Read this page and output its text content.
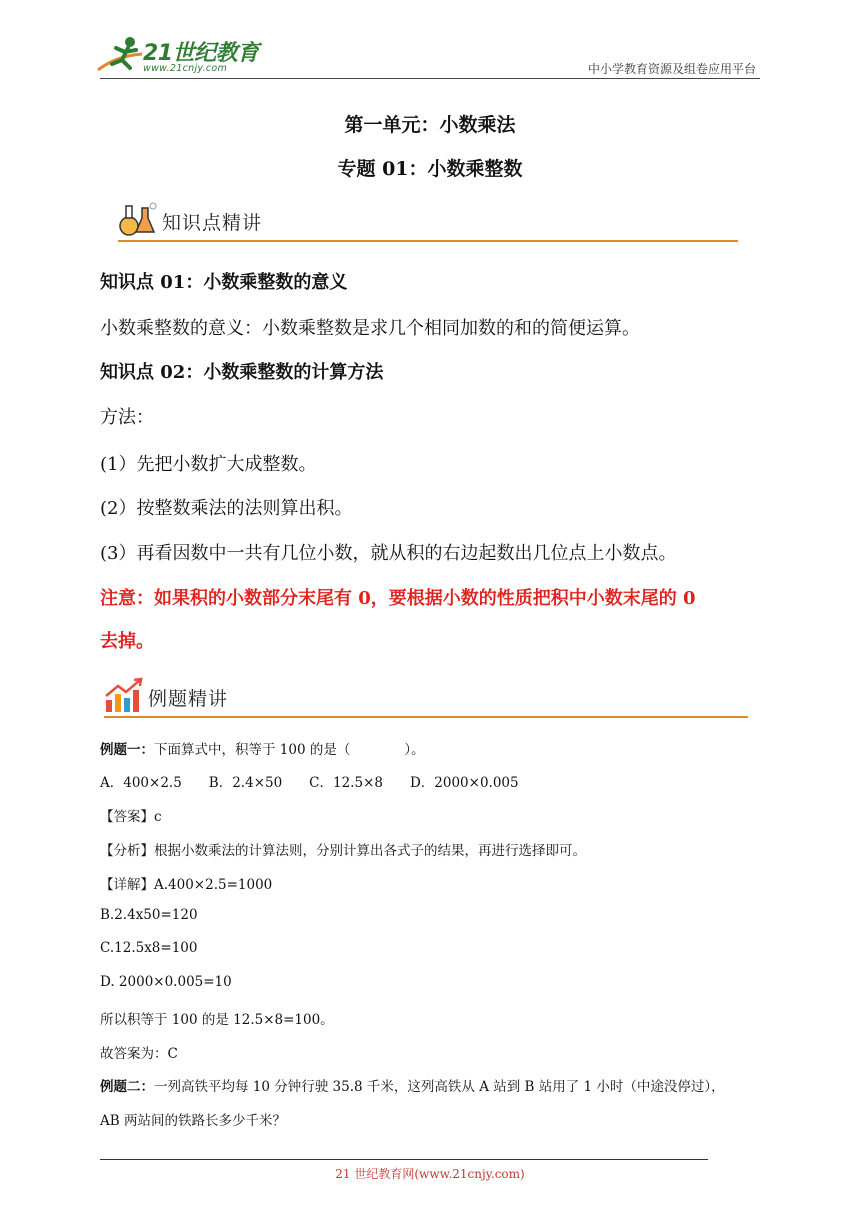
21世纪教育
www.21cnjy.com	中小学教育资源及组卷应用平台
第一单元：小数乘法
专题 01：小数乘整数
知识点精讲
知识点 01：小数乘整数的意义
小数乘整数的意义：小数乘整数是求几个相同加数的和的简便运算。
知识点 02：小数乘整数的计算方法
方法：
(1）先把小数扩大成整数。
(2）按整数乘法的法则算出积。
(3）再看因数中一共有几位小数，就从积的右边起数出几位点上小数点。
注意：如果积的小数部分末尾有 0，要根据小数的性质把积中小数末尾的 0
去掉。
例题精讲
例题一：下面算式中，积等于 100 的是（　　　　）。
A．400×2.5　　B．2.4×50　　C．12.5×8　　D．2000×0.005
【答案】c
【分析】根据小数乘法的计算法则，分别计算出各式子的结果，再进行选择即可。
【详解】A.400×2.5=1000
B.2.4x50=120
C.12.5x8=100
D. 2000×0.005=10
所以积等于 100 的是 12.5×8=100。
故答案为：C
例题二：一列高铁平均每 10 分钟行驶 35.8 千米，这列高铁从 A 站到 B 站用了 1 小时（中途没停过），
AB 两站间的铁路长多少千米？
21 世纪教育网(www.21cnjy.com)
